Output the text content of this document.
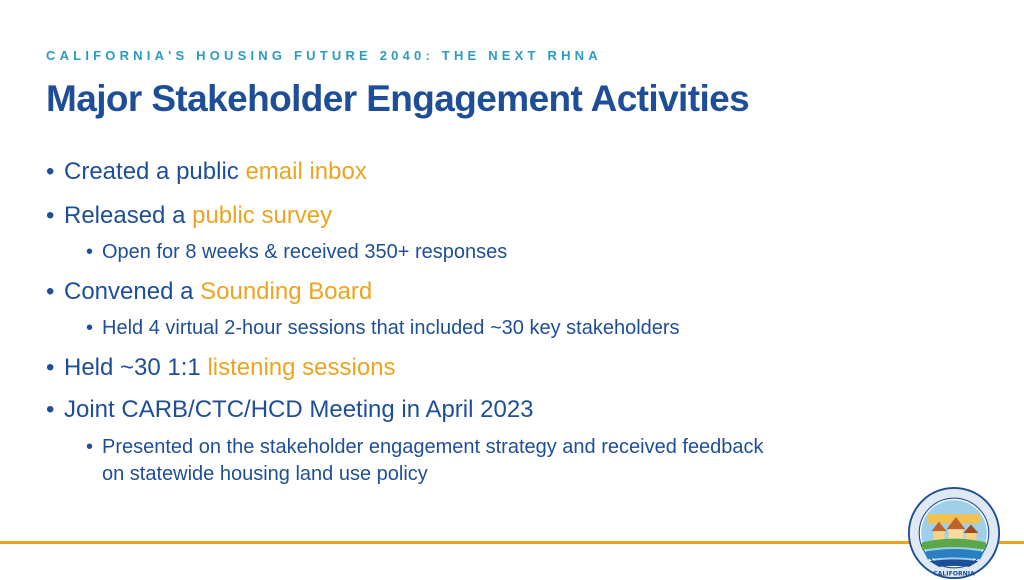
CALIFORNIA'S HOUSING FUTURE 2040: THE NEXT RHNA
Major Stakeholder Engagement Activities
• Created a public email inbox
• Released a public survey
• Open for 8 weeks & received 350+ responses
• Convened a Sounding Board
• Held 4 virtual 2-hour sessions that included ~30 key stakeholders
• Held ~30 1:1 listening sessions
• Joint CARB/CTC/HCD Meeting in April 2023
• Presented on the stakeholder engagement strategy and received feedback
on statewide housing land use policy
CALIFORNIA
